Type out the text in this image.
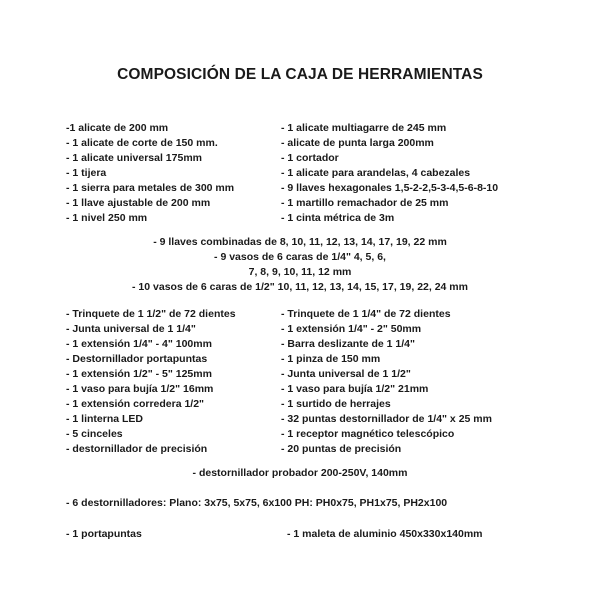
COMPOSICIÓN DE LA CAJA DE HERRAMIENTAS
-1 alicate de 200 mm
- 1 alicate de corte de 150 mm.
- 1 alicate universal 175mm
- 1 tijera
- 1 sierra para metales de 300 mm
- 1 llave ajustable de 200 mm
- 1 nivel 250 mm
- 1 alicate multiagarre de 245 mm
- alicate de punta larga 200mm
- 1 cortador
- 1 alicate para arandelas, 4 cabezales
- 9 llaves hexagonales 1,5-2-2,5-3-4,5-6-8-10
- 1 martillo remachador de 25 mm
- 1 cinta métrica de 3m
- 9 llaves combinadas de 8, 10, 11, 12, 13, 14, 17, 19, 22 mm
- 9 vasos de 6 caras de 1/4" 4, 5, 6,
7, 8, 9, 10, 11, 12 mm
- 10 vasos de 6 caras de 1/2" 10, 11, 12, 13, 14, 15, 17, 19, 22, 24 mm
- Trinquete de 1 1/2" de 72 dientes
- Junta universal de 1 1/4"
- 1 extensión 1/4" - 4" 100mm
- Destornillador portapuntas
- 1 extensión 1/2" - 5" 125mm
- 1 vaso para bujía 1/2" 16mm
- 1 extensión corredera 1/2"
- 1 linterna LED
- 5 cinceles
- destornillador de precisión
- Trinquete de 1 1/4" de 72 dientes
- 1 extensión 1/4" - 2" 50mm
- Barra deslizante de 1 1/4"
- 1 pinza de 150 mm
- Junta universal de 1 1/2"
- 1 vaso para bujía 1/2" 21mm
- 1 surtido de herrajes
- 32 puntas destornillador de 1/4" x 25 mm
- 1 receptor magnético telescópico
- 20 puntas de precisión
- destornillador probador 200-250V, 140mm
- 6 destornilladores: Plano: 3x75, 5x75, 6x100 PH: PH0x75, PH1x75, PH2x100
- 1 portapuntas	- 1 maleta de aluminio 450x330x140mm
